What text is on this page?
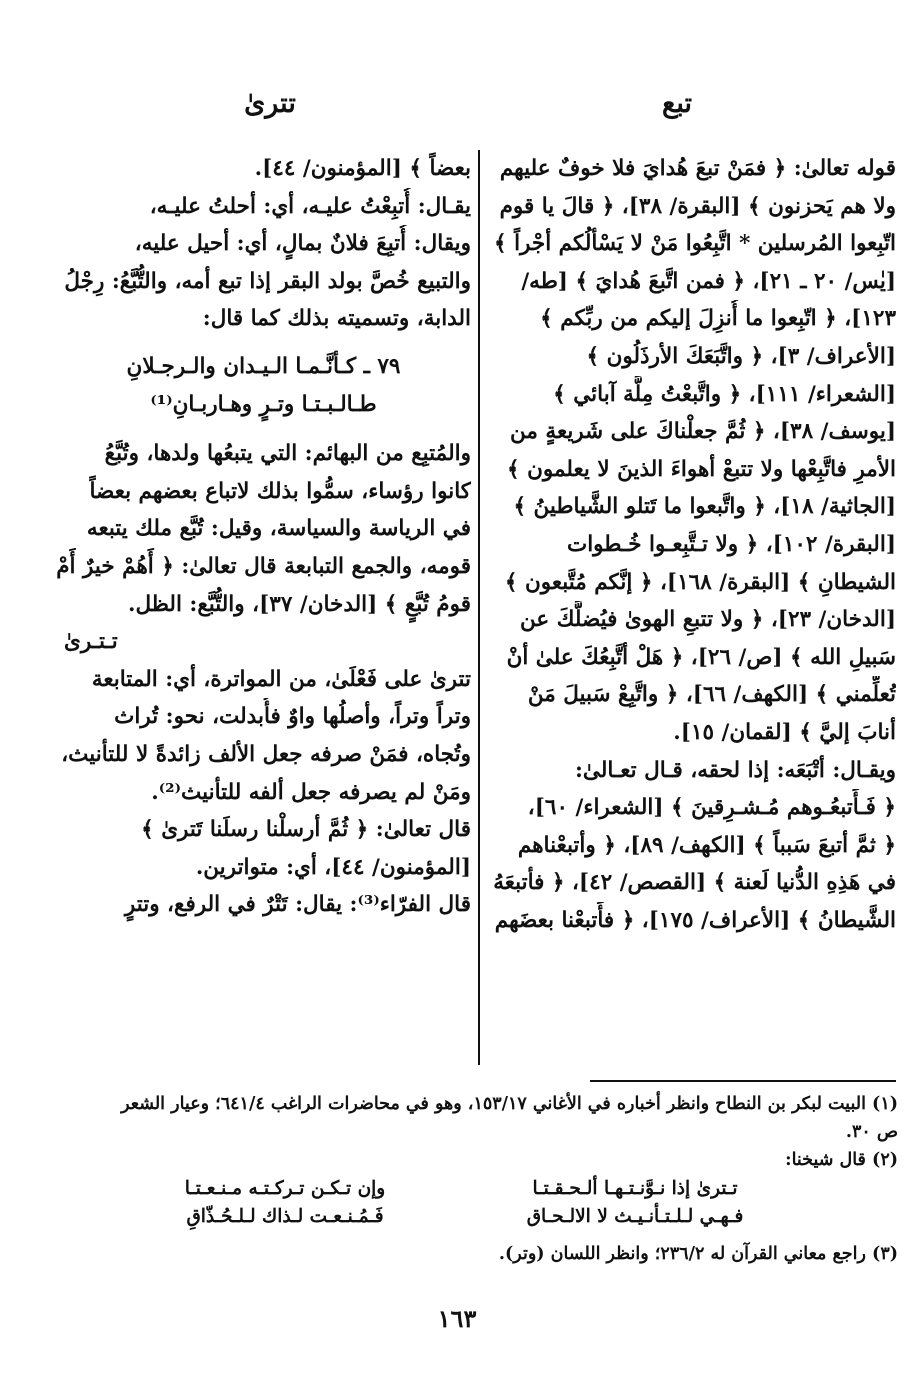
تبع
تترىٰ
قوله تعالىٰ: ﴿ فمَنْ تبعَ هُدايَ فلا خوفٌ عليهم
ولا هم يَحزنون ﴾ [البقرة/ ٣٨]، ﴿ قالَ يا قوم
اتّبِعوا المُرسلين * اتَّبِعُوا مَنْ لا يَسْألُكم أجْراً ﴾
[يٰس/ ٢٠ ـ ٢١]، ﴿ فمن اتَّبعَ هُدايَ ﴾ [طه/
١٢٣]، ﴿ اتّبِعوا ما أُنزِلَ إليكم من ربِّكم ﴾
[الأعراف/ ٣]، ﴿ واتَّبَعَكَ الأرذَلُون ﴾
[الشعراء/ ١١١]، ﴿ واتَّبعْتُ مِلَّة آبائي ﴾
[يوسف/ ٣٨]، ﴿ ثُمَّ جعلْناكَ على شَريعةٍ من
الأمرِ فاتَّبِعْها ولا تتبعْ أهواءَ الذينَ لا يعلمون ﴾
[الجاثية/ ١٨]، ﴿ واتَّبعوا ما تَتلو الشَّياطينُ ﴾
[البقرة/ ١٠٢]، ﴿ ولا تـتَّبِعـوا خُـطوات
الشيطانِ ﴾ [البقرة/ ١٦٨]، ﴿ إنَّكم مُتَّبعون ﴾
[الدخان/ ٢٣]، ﴿ ولا تتبعِ الهوىٰ فيُضلَّكَ عن
سَبيلِ الله ﴾ [ص/ ٢٦]، ﴿ هَلْ أتَّبِعُكَ علىٰ أنْ
تُعلِّمني ﴾ [الكهف/ ٦٦]، ﴿ واتَّبِعْ سَبيلَ مَنْ
أنابَ إليَّ ﴾ [لقمان/ ١٥].
ويقـال: أتْبَعَه: إذا لحقه، قـال تعـالىٰ:
﴿ فَـأَتبعُـوهم مُـشـرِقينَ ﴾ [الشعراء/ ٦٠]،
﴿ ثمَّ أتبعَ سَبباً ﴾ [الكهف/ ٨٩]، ﴿ وأتبعْناهم
في هَذِهِ الدُّنيا لَعنة ﴾ [القصص/ ٤٢]، ﴿ فأتبعَهُ
الشَّيطانُ ﴾ [الأعراف/ ١٧٥]، ﴿ فأَتبعْنا بعضَهم
بعضاً ﴾ [المؤمنون/ ٤٤].
يقـال: أُتبِعْتُ عليـه، أي: أحلتُ عليـه،
ويقال: أُتبِعَ فلانٌ بمالٍ، أي: أحيل عليه،
والتبيع خُصَّ بولد البقر إذا تبع أمه، والتُّبَّعُ: رِجْلُ
الدابة، وتسميته بذلك كما قال:
٧٩ ـ كـأنَّـمـا الـيـدان والـرجـلانِ
طـالـبـتـا وتـرٍ وهـاربـانِ⁽¹⁾
والمُتبِع من البهائم: التي يتبعُها ولدها، وتُبَّعُ
كانوا رؤساء، سمُّوا بذلك لاتباع بعضهم بعضاً
في الرياسة والسياسة، وقيل: تُبَّع ملك يتبعه
قومه، والجمع التبابعة قال تعالىٰ: ﴿ أَهُمْ خيرٌ أَمْ
قومُ تُبَّعٍ ﴾ [الدخان/ ٣٧]، والتُّبَّع: الظل.
تـتـرىٰ
تترىٰ على فَعْلَىٰ، من المواترة، أي: المتابعة
وتراً وتراً، وأصلُها واوٌ فأُبدلت، نحو: تُراث
وتُجاه، فمَنْ صرفه جعل الألف زائدةً لا للتأنيث،
ومَنْ لم يصرفه جعل ألفه للتأنيث⁽²⁾.
قال تعالىٰ: ﴿ ثُمَّ أرسلْنا رسلَنا تَترىٰ ﴾
[المؤمنون/ ٤٤]، أي: متواترين.
قال الفرّاء⁽³⁾: يقال: تَتْرٌ في الرفع، وتترٍ
(١) البيت لبكر بن النطاح وانظر أخباره في الأغاني ١٥٣/١٧، وهو في محاضرات الراغب ٦٤١/٤؛ وعيار الشعر
ص ٣٠.
(٢) قال شيخنا:
تـترىٰ إذا نـوَّنـتـهـا ألـحـقـتـا
وإن تـكـن تـركـتـه مـنـعـتـا
فـهـي لـلـتـأنـيـث لا الالـحـاق
فَـمُـنـعـت لـذاك لـلـحُـذّاقِ
(٣) راجع معاني القرآن له ٢٣٦/٢؛ وانظر اللسان (وتر).
١٦٣
